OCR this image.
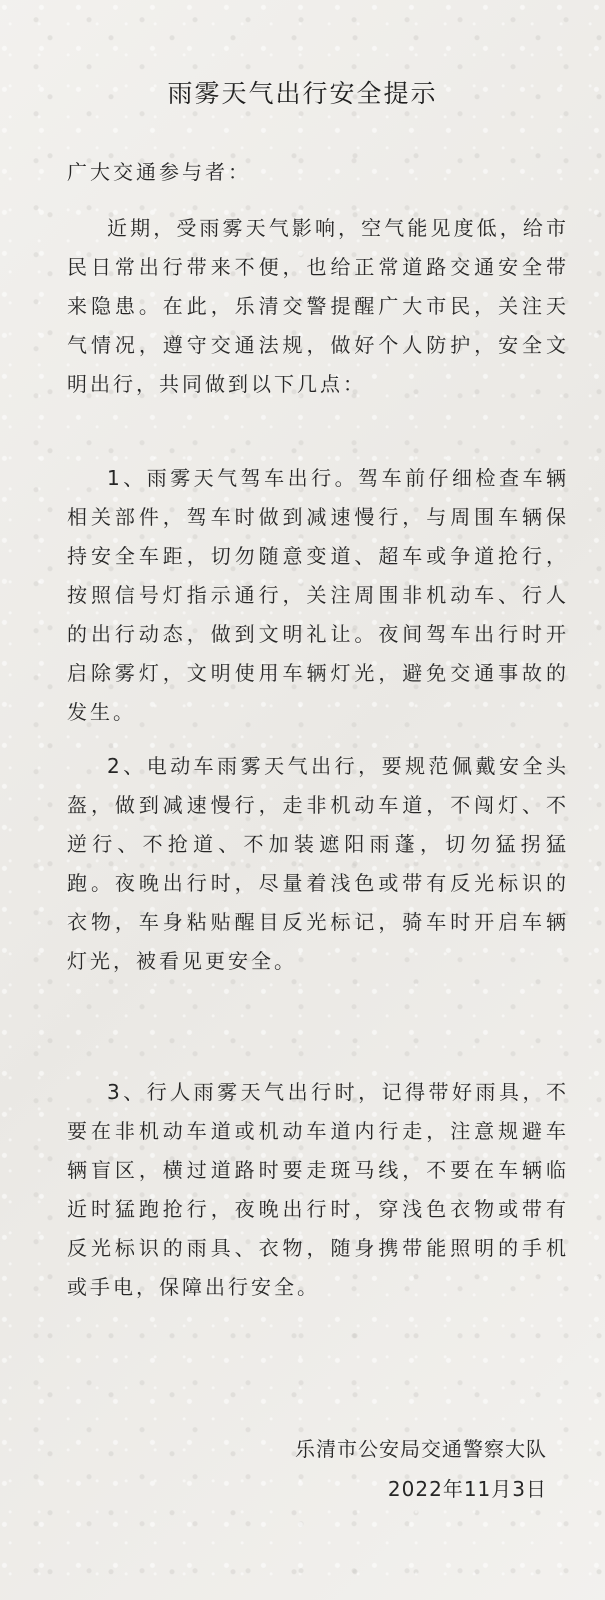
雨雾天气出行安全提示
广大交通参与者：

近期，受雨雾天气影响，空气能见度低，给市民日常出行带来不便，也给正常道路交通安全带来隐患。在此，乐清交警提醒广大市民，关注天气情况，遵守交通法规，做好个人防护，安全文明出行，共同做到以下几点：

1、雨雾天气驾车出行。驾车前仔细检查车辆相关部件，驾车时做到减速慢行，与周围车辆保持安全车距，切勿随意变道、超车或争道抢行，按照信号灯指示通行，关注周围非机动车、行人的出行动态，做到文明礼让。夜间驾车出行时开启除雾灯，文明使用车辆灯光，避免交通事故的发生。

2、电动车雨雾天气出行，要规范佩戴安全头盔，做到减速慢行，走非机动车道，不闯灯、不逆行、不抢道、不加装遮阳雨蓬，切勿猛拐猛跑。夜晚出行时，尽量着浅色或带有反光标识的衣物，车身粘贴醒目反光标记，骑车时开启车辆灯光，被看见更安全。

3、行人雨雾天气出行时，记得带好雨具，不要在非机动车道或机动车道内行走，注意规避车辆盲区，横过道路时要走斑马线，不要在车辆临近时猛跑抢行，夜晚出行时，穿浅色衣物或带有反光标识的雨具、衣物，随身携带能照明的手机或手电，保障出行安全。

乐清市公安局交通警察大队
2022年11月3日
